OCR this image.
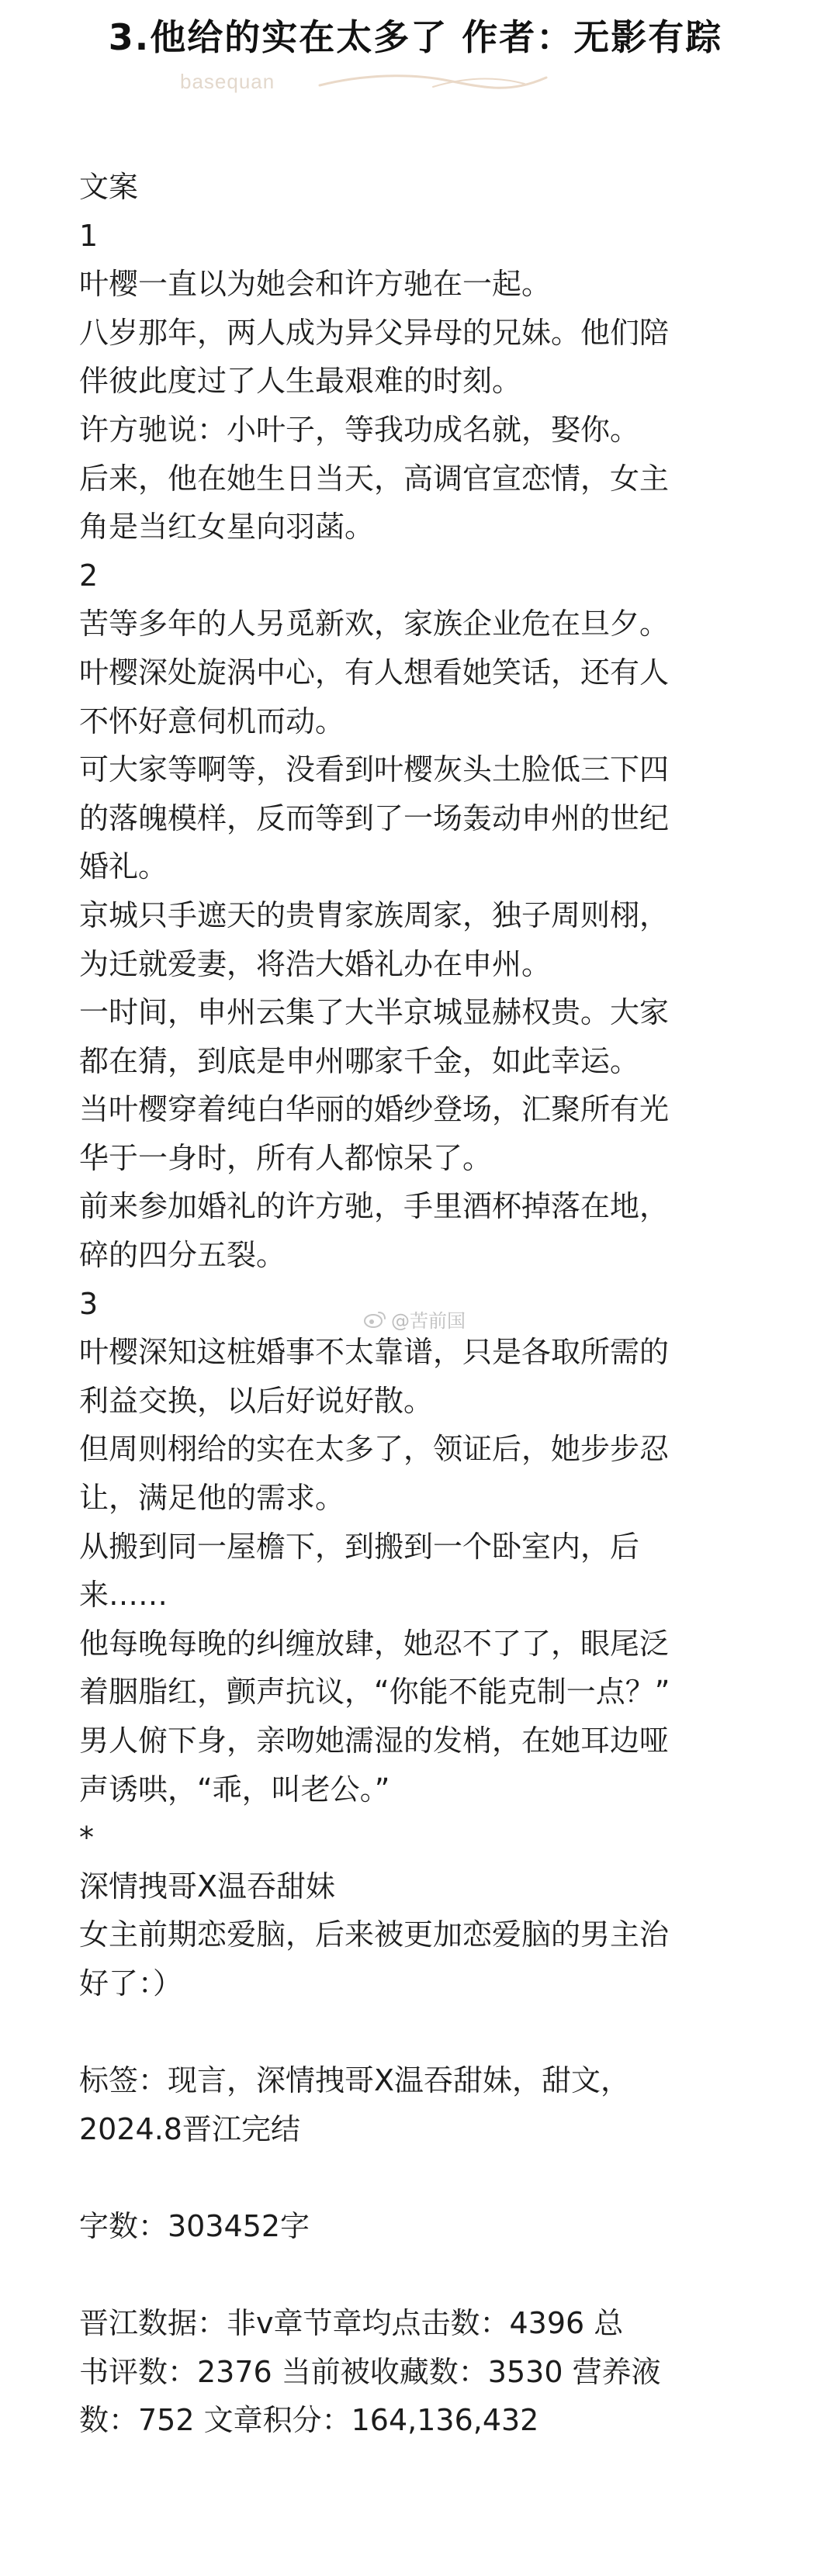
3.他给的实在太多了 作者：无影有踪
basequan
文案
1
叶樱一直以为她会和许方驰在一起。
八岁那年，两人成为异父异母的兄妹。他们陪
伴彼此度过了人生最艰难的时刻。
许方驰说：小叶子，等我功成名就，娶你。
后来，他在她生日当天，高调官宣恋情，女主
角是当红女星向羽菡。
2
苦等多年的人另觅新欢，家族企业危在旦夕。
叶樱深处旋涡中心，有人想看她笑话，还有人
不怀好意伺机而动。
可大家等啊等，没看到叶樱灰头土脸低三下四
的落魄模样，反而等到了一场轰动申州的世纪
婚礼。
京城只手遮天的贵胄家族周家，独子周则栩，
为迁就爱妻，将浩大婚礼办在申州。
一时间，申州云集了大半京城显赫权贵。大家
都在猜，到底是申州哪家千金，如此幸运。
当叶樱穿着纯白华丽的婚纱登场，汇聚所有光
华于一身时，所有人都惊呆了。
前来参加婚礼的许方驰，手里酒杯掉落在地，
碎的四分五裂。
3
叶樱深知这桩婚事不太靠谱，只是各取所需的
利益交换，以后好说好散。
但周则栩给的实在太多了，领证后，她步步忍
让，满足他的需求。
从搬到同一屋檐下，到搬到一个卧室内，后
来……
他每晚每晚的纠缠放肆，她忍不了了，眼尾泛
着胭脂红，颤声抗议，“你能不能克制一点？”
男人俯下身，亲吻她濡湿的发梢，在她耳边哑
声诱哄，“乖，叫老公。”
*
深情拽哥X温吞甜妹
女主前期恋爱脑，后来被更加恋爱脑的男主治
好了：）
标签：现言，深情拽哥X温吞甜妹，甜文，
2024.8晋江完结
字数：303452字
晋江数据：非v章节章均点击数：4396 总
书评数：2376 当前被收藏数：3530 营养液
数：752 文章积分：164,136,432
@苦前国
